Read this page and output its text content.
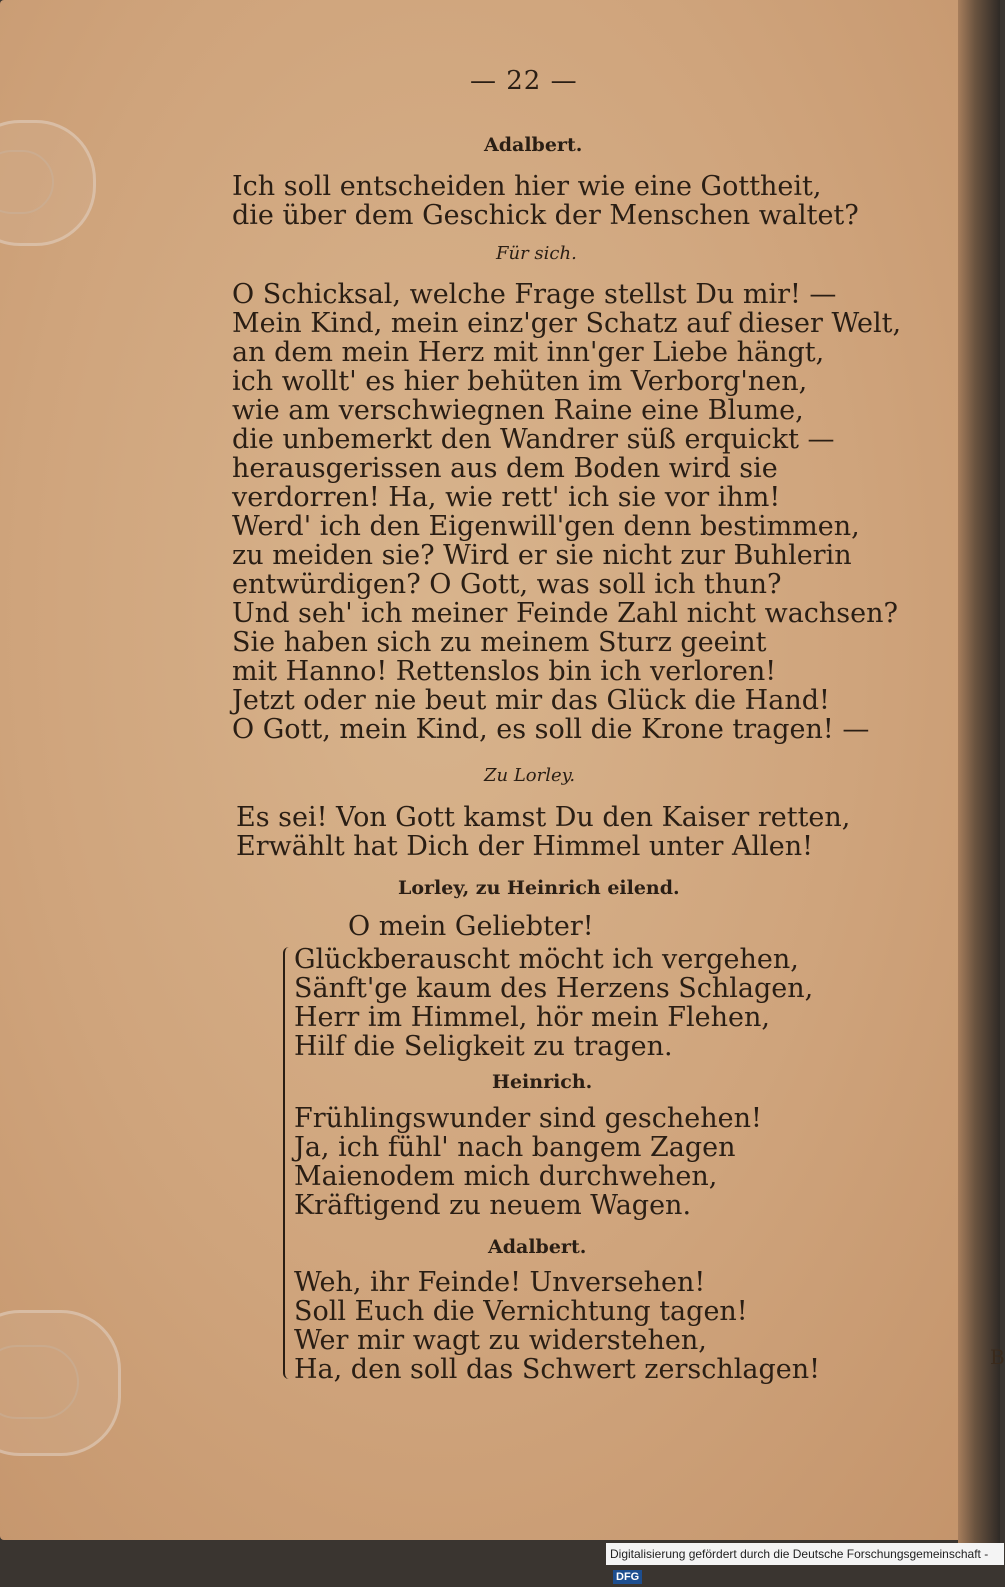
— 22 —
Adalbert.
Ich soll entscheiden hier wie eine Gottheit,
die über dem Geschick der Menschen waltet?
Für sich.
O Schicksal, welche Frage stellst Du mir! —
Mein Kind, mein einz'ger Schatz auf dieser Welt,
an dem mein Herz mit inn'ger Liebe hängt,
ich wollt' es hier behüten im Verborg'nen,
wie am verschwiegnen Raine eine Blume,
die unbemerkt den Wandrer süß erquickt —
herausgerissen aus dem Boden wird sie
verdorren! Ha, wie rett' ich sie vor ihm!
Werd' ich den Eigenwill'gen denn bestimmen,
zu meiden sie? Wird er sie nicht zur Buhlerin
entwürdigen? O Gott, was soll ich thun?
Und seh' ich meiner Feinde Zahl nicht wachsen?
Sie haben sich zu meinem Sturz geeint
mit Hanno! Rettenslos bin ich verloren!
Jetzt oder nie beut mir das Glück die Hand!
O Gott, mein Kind, es soll die Krone tragen! —
Zu Lorley.
Es sei! Von Gott kamst Du den Kaiser retten,
Erwählt hat Dich der Himmel unter Allen!
Lorley, zu Heinrich eilend.
O mein Geliebter!
Glückberauscht möcht ich vergehen,
Sänft'ge kaum des Herzens Schlagen,
Herr im Himmel, hör mein Flehen,
Hilf die Seligkeit zu tragen.
Heinrich.
Frühlingswunder sind geschehen!
Ja, ich fühl' nach bangem Zagen
Maienodem mich durchwehen,
Kräftigend zu neuem Wagen.
Adalbert.
Weh, ihr Feinde! Unversehen!
Soll Euch die Vernichtung tagen!
Wer mir wagt zu widerstehen,
Ha, den soll das Schwert zerschlagen!	B
Digitalisierung gefördert durch die Deutsche Forschungsgemeinschaft - DFG
